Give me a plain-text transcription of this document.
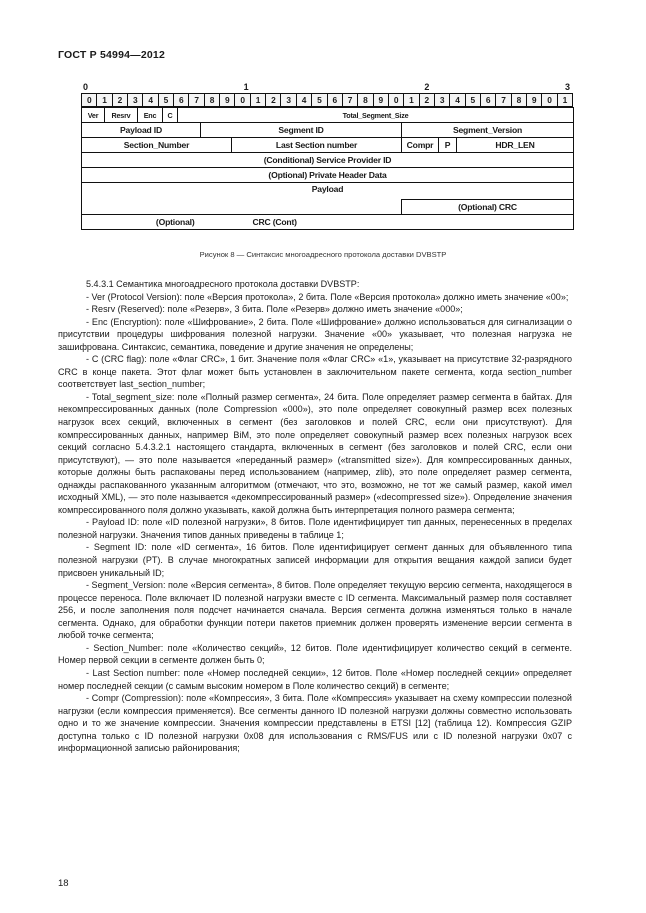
ГОСТ Р 54994—2012
0	1	2	3
0	1	2	3	4	5	6	7	8	9	0	1	2	3	4	5	6	7	8	9	0	1	2	3	4	5	6	7	8	9	0	1
Ver	Resrv	Enc	C	Total_Segment_Size					
Payload ID					Segment ID		Segment_Version		
Section_Number						Last Section number	Compr	P	HDR_LEN
(Conditional) Service Provider ID									
(Optional) Private Header Data									
Payload									
							(Optional) CRC		
(Optional)					CRC (Cont)				
Рисунок 8 — Синтаксис многоадресного протокола доставки DVBSTP

5.4.3.1 Семантика многоадресного протокола доставки DVBSTP:

- Ver (Protocol Version): поле «Версия протокола», 2 бита. Поле «Версия протокола» должно иметь значение «00»;

- Resrv (Reserved): поле «Резерв», 3 бита. Поле «Резерв» должно иметь значение «000»;

- Enc (Encryption): поле «Шифрование», 2 бита. Поле «Шифрование» должно использоваться для сигнализации о присутствии процедуры шифрования полезной нагрузки. Значение «00» указывает, что полезная нагрузка не зашифрована. Синтаксис, семантика, поведение и другие значения не определены;

- C (CRC flag): поле «Флаг CRC», 1 бит. Значение поля «Флаг CRC» «1», указывает на присутствие 32-разрядного CRC в конце пакета. Этот флаг может быть установлен в заключительном пакете сегмента, когда section_number соответствует last_section_number;

- Total_segment_size: поле «Полный размер сегмента», 24 бита. Поле определяет размер сегмента в байтах. Для некомпрессированных данных (поле Compression «000»), это поле определяет совокупный размер всех полезных нагрузок всех секций, включенных в сегмент (без заголовков и полей CRC, если они присутствуют). Для компрессированных данных, например BiM, это поле определяет совокупный размер всех полезных нагрузок всех секций согласно 5.4.3.2.1 настоящего стандарта, включенных в сегмент (без заголовков и полей CRC, если они присутствуют), — это поле называется «переданный размер» («transmitted size»). Для компрессированных данных, которые должны быть распакованы перед использованием (например, zlib), это поле определяет размер сегмента, однажды распакованного указанным алгоритмом (отмечают, что это, возможно, не тот же самый размер, какой имел исходный XML), — это поле называется «декомпрессированный размер» («decompressed size»). Определение значения компрессированного поля должно указывать, какой должна быть интерпретация полного размера сегмента;

- Payload ID: поле «ID полезной нагрузки», 8 битов. Поле идентифицирует тип данных, перенесенных в пределах полезной нагрузки. Значения типов данных приведены в таблице 1;

- Segment ID: поле «ID сегмента», 16 битов. Поле идентифицирует сегмент данных для объявленного типа полезной нагрузки (PT). В случае многократных записей информации для открытия вещания каждой записи будет присвоен уникальный ID;

- Segment_Version: поле «Версия сегмента», 8 битов. Поле определяет текущую версию сегмента, находящегося в процессе переноса. Поле включает ID полезной нагрузки вместе с ID сегмента. Максимальный размер поля составляет 256, и после заполнения поля подсчет начинается сначала. Версия сегмента должна изменяться только в начале сегмента. Однако, для обработки функции потери пакетов приемник должен проверять изменение версии сегмента в любой точке сегмента;

- Section_Number: поле «Количество секций», 12 битов. Поле идентифицирует количество секций в сегменте. Номер первой секции в сегменте должен быть 0;

- Last Section number: поле «Номер последней секции», 12 битов. Поле «Номер последней секции» определяет номер последней секции (с самым высоким номером в Поле количество секций) в сегменте;

- Compr (Compression): поле «Компрессия», 3 бита. Поле «Компрессия» указывает на схему компрессии полезной нагрузки (если компрессия применяется). Все сегменты данного ID полезной нагрузки должны совместно использовать одно и то же значение компрессии. Значения компрессии представлены в ETSI [12] (таблица 12). Компрессия GZIP доступна только с ID полезной нагрузки 0x08 для использования с RMS/FUS или с ID полезной нагрузки 0x07 с информационной записью районирования;

18
